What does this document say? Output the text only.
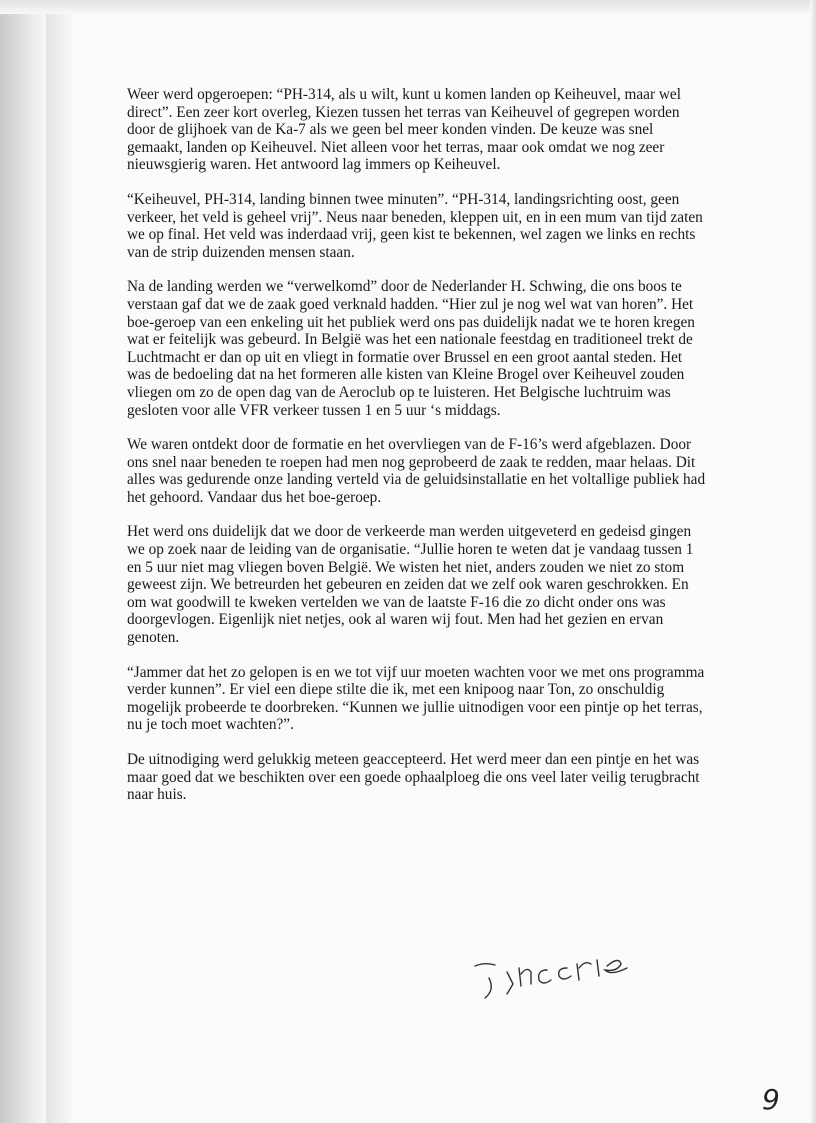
Weer werd opgeroepen: “PH-314, als u wilt, kunt u komen landen op Keiheuvel, maar wel
direct”. Een zeer kort overleg, Kiezen tussen het terras van Keiheuvel of gegrepen worden
door de glijhoek van de Ka-7 als we geen bel meer konden vinden. De keuze was snel
gemaakt, landen op Keiheuvel. Niet alleen voor het terras, maar ook omdat we nog zeer
nieuwsgierig waren. Het antwoord lag immers op Keiheuvel.

“Keiheuvel, PH-314, landing binnen twee minuten”. “PH-314, landingsrichting oost, geen
verkeer, het veld is geheel vrij”. Neus naar beneden, kleppen uit, en in een mum van tijd zaten
we op final. Het veld was inderdaad vrij, geen kist te bekennen, wel zagen we links en rechts
van de strip duizenden mensen staan.

Na de landing werden we “verwelkomd” door de Nederlander H. Schwing, die ons boos te
verstaan gaf dat we de zaak goed verknald hadden. “Hier zul je nog wel wat van horen”. Het
boe-geroep van een enkeling uit het publiek werd ons pas duidelijk nadat we te horen kregen
wat er feitelijk was gebeurd. In België was het een nationale feestdag en traditioneel trekt de
Luchtmacht er dan op uit en vliegt in formatie over Brussel en een groot aantal steden. Het
was de bedoeling dat na het formeren alle kisten van Kleine Brogel over Keiheuvel zouden
vliegen om zo de open dag van de Aeroclub op te luisteren. Het Belgische luchtruim was
gesloten voor alle VFR verkeer tussen 1 en 5 uur ‘s middags.

We waren ontdekt door de formatie en het overvliegen van de F-16’s werd afgeblazen. Door
ons snel naar beneden te roepen had men nog geprobeerd de zaak te redden, maar helaas. Dit
alles was gedurende onze landing verteld via de geluidsinstallatie en het voltallige publiek had
het gehoord. Vandaar dus het boe-geroep.

Het werd ons duidelijk dat we door de verkeerde man werden uitgeveterd en gedeisd gingen
we op zoek naar de leiding van de organisatie. “Jullie horen te weten dat je vandaag tussen 1
en 5 uur niet mag vliegen boven België. We wisten het niet, anders zouden we niet zo stom
geweest zijn. We betreurden het gebeuren en zeiden dat we zelf ook waren geschrokken. En
om wat goodwill te kweken vertelden we van de laatste F-16 die zo dicht onder ons was
doorgevlogen. Eigenlijk niet netjes, ook al waren wij fout. Men had het gezien en ervan
genoten.

“Jammer dat het zo gelopen is en we tot vijf uur moeten wachten voor we met ons programma
verder kunnen”. Er viel een diepe stilte die ik, met een knipoog naar Ton, zo onschuldig
mogelijk probeerde te doorbreken. “Kunnen we jullie uitnodigen voor een pintje op het terras,
nu je toch moet wachten?”.

De uitnodiging werd gelukkig meteen geaccepteerd. Het werd meer dan een pintje en het was
maar goed dat we beschikten over een goede ophaalploeg die ons veel later veilig terugbracht
naar huis.

9
